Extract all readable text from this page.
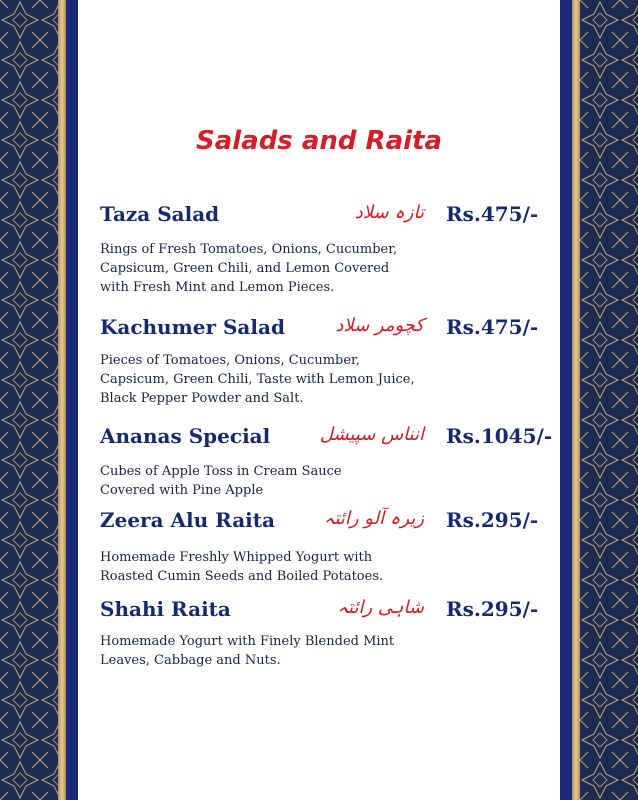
Salads and Raita
Taza Salad	تازہ سلاد Rs.475/-
Rings of Fresh Tomatoes, Onions, Cucumber,
Capsicum, Green Chili, and Lemon Covered
with Fresh Mint and Lemon Pieces.
Kachumer Salad	کچومر سلاد Rs.475/-
Pieces of Tomatoes, Onions, Cucumber,
Capsicum, Green Chili, Taste with Lemon Juice,
Black Pepper Powder and Salt.
Ananas Special	انناس سپیشل Rs.1045/-
Cubes of Apple Toss in Cream Sauce
Covered with Pine Apple
Zeera Alu Raita	زیرہ آلو رائتہ Rs.295/-
Homemade Freshly Whipped Yogurt with
Roasted Cumin Seeds and Boiled Potatoes.
Shahi Raita	شاہی رائتہ Rs.295/-
Homemade Yogurt with Finely Blended Mint
Leaves, Cabbage and Nuts.
